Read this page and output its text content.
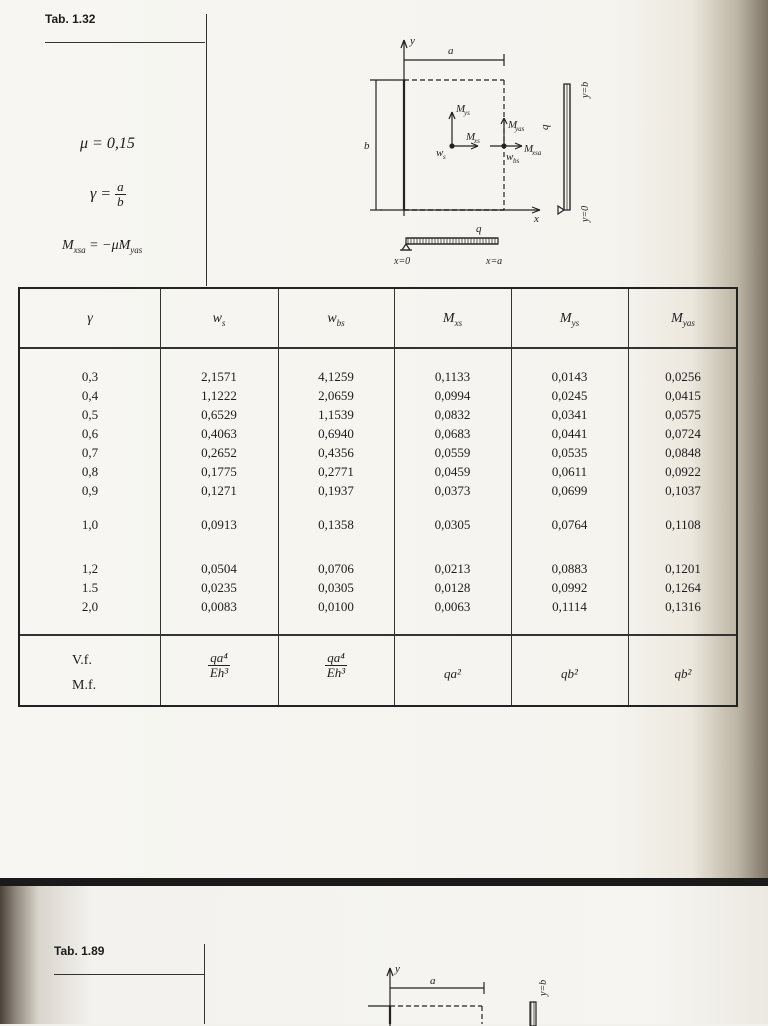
Tab. 1.32
μ = 0,15
$\gamma = \frac{a}{b}$
$M_{xsa} = -\mu M_{yas}$
y
a
b
x
M
ys
M
yas
M
xs
M
xsa
w s	w bs
q
x=0	x=a
q
y=b
y=0
γ	$w_s$	$w_{bs}$	$M_{xs}$	$M_{ys}$	$M_{yas}$
0,3	2,1571	4,1259	0,1133	0,0143	0,0256
0,4	1,1222	2,0659	0,0994	0,0245	0,0415
0,5	0,6529	1,1539	0,0832	0,0341	0,0575
0,6	0,4063	0,6940	0,0683	0,0441	0,0724
0,7	0,2652	0,4356	0,0559	0,0535	0,0848
0,8	0,1775	0,2771	0,0459	0,0611	0,0922
0,9	0,1271	0,1937	0,0373	0,0699	0,1037
1,0	0,0913	0,1358	0,0305	0,0764	0,1108
1,2	0,0504	0,0706	0,0213	0,0883	0,1201
1.5	0,0235	0,0305	0,0128	0,0992	0,1264
2,0	0,0083	0,0100	0,0063	0,1114	0,1316
V.f.
M.f.
$\frac{\text{qa⁴}}{\text{Eh³}}$	$\frac{\text{qa⁴}}{\text{Eh³}}$	qa²	qb²	qb²
Tab. 1.89
y
a	y=b
